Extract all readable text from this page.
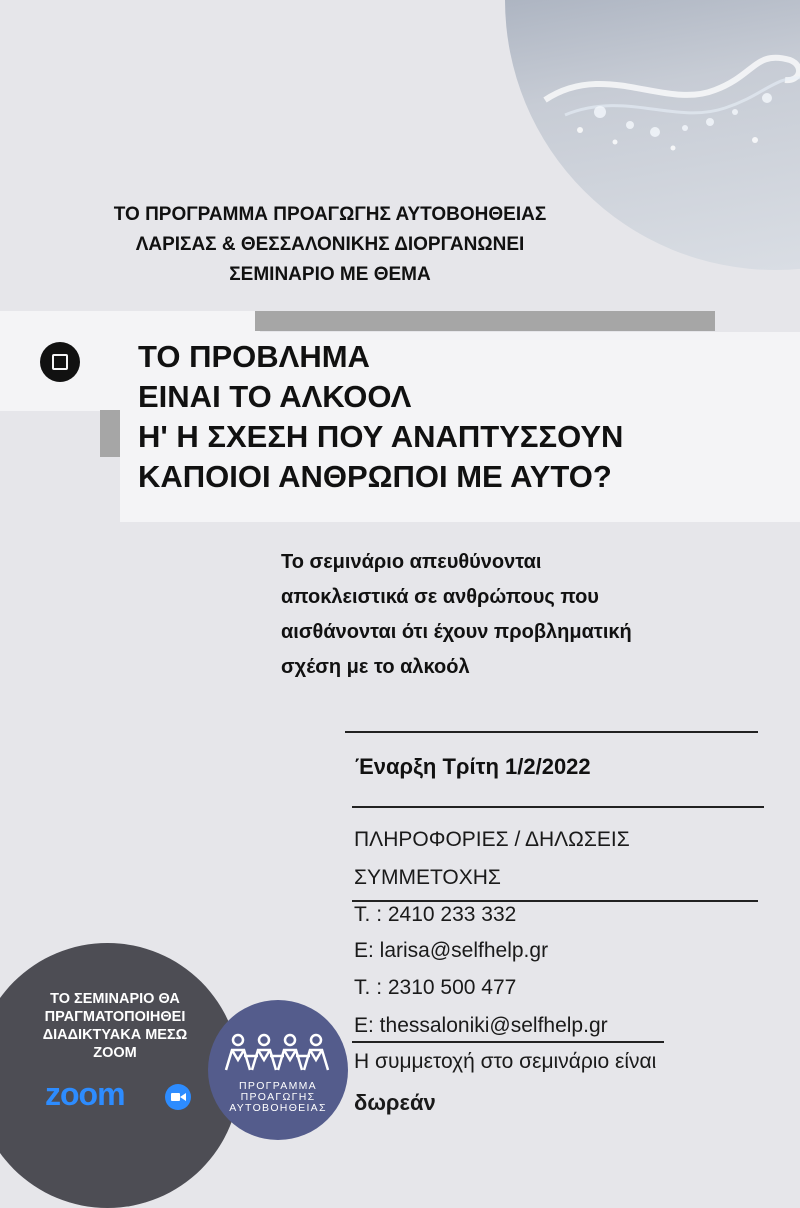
ΤΟ ΠΡΟΓΡΑΜΜΑ ΠΡΟΑΓΩΓΗΣ ΑΥΤΟΒΟΗΘΕΙΑΣ
ΛΑΡΙΣΑΣ & ΘΕΣΣΑΛΟΝΙΚΗΣ ΔΙΟΡΓΑΝΩΝΕΙ
ΣΕΜΙΝΑΡΙΟ ΜΕ ΘΕΜΑ
ΤΟ ΠΡΟΒΛΗΜΑ
ΕΙΝΑΙ ΤΟ ΑΛΚΟΟΛ
Η' Η ΣΧΕΣΗ ΠΟΥ ΑΝΑΠΤΥΣΣΟΥΝ
ΚΑΠΟΙΟΙ ΑΝΘΡΩΠΟΙ ΜΕ ΑΥΤΟ?
Το σεμινάριο απευθύνονται
αποκλειστικά σε ανθρώπους που
αισθάνονται ότι έχουν προβληματική
σχέση με το αλκοόλ
Έναρξη Τρίτη 1/2/2022
ΠΛΗΡΟΦΟΡΙΕΣ / ΔΗΛΩΣΕΙΣ
ΣΥΜΜΕΤΟΧΗΣ
Τ. : 2410 233 332
E: larisa@selfhelp.gr
Τ. : 2310 500 477
E: thessaloniki@selfhelp.gr
Η συμμετοχή στο σεμινάριο είναι
δωρεάν
ΤΟ ΣΕΜΙΝΑΡΙΟ ΘΑ
ΠΡΑΓΜΑΤΟΠΟΙΗΘΕΙ
ΔΙΑΔΙΚΤΥΑΚΑ ΜΕΣΩ
ZOOM
zoom	ΠΡΟΓΡΑΜΜΑ
ΠΡΟΑΓΩΓΗΣ
ΑΥΤΟΒΟΗΘΕΙΑΣ
